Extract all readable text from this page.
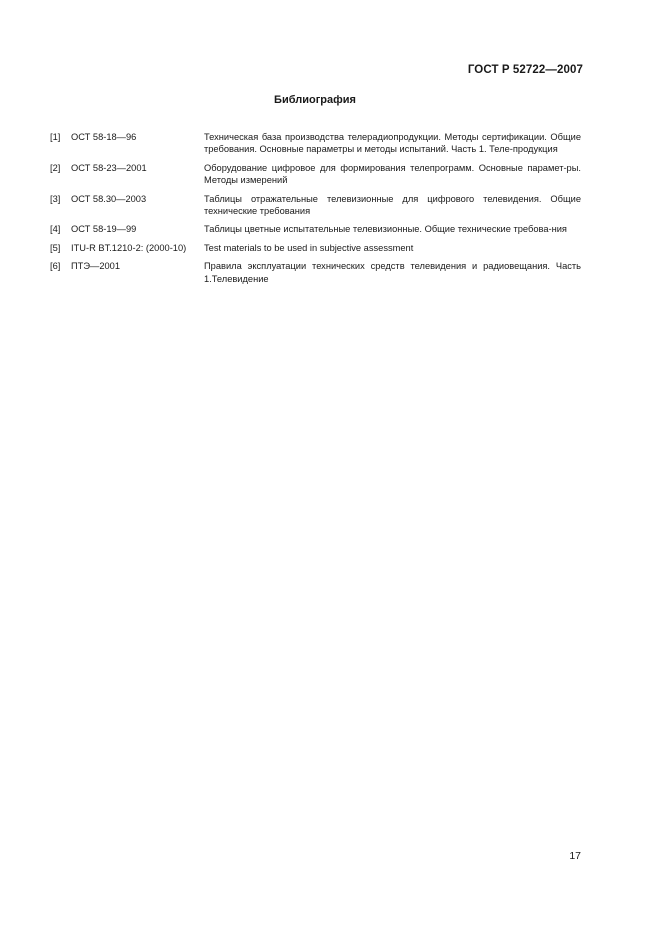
ГОСТ Р 52722—2007
Библиография
[1]	ОСТ 58-18—96	Техническая база производства телерадиопродукции. Методы сертификации. Общие требования. Основные параметры и методы испытаний. Часть 1. Теле-продукция
[2]	ОСТ 58-23—2001	Оборудование цифровое для формирования телепрограмм. Основные парамет-ры. Методы измерений
[3]	ОСТ 58.30—2003	Таблицы отражательные телевизионные для цифрового телевидения. Общие технические требования
[4]	ОСТ 58-19—99	Таблицы цветные испытательные телевизионные. Общие технические требова-ния
[5]	ITU-R BT.1210-2: (2000-10)	Test materials to be used in subjective assessment
[6]	ПТЭ—2001	Правила эксплуатации технических средств телевидения и радиовещания. Часть 1.Телевидение
17
